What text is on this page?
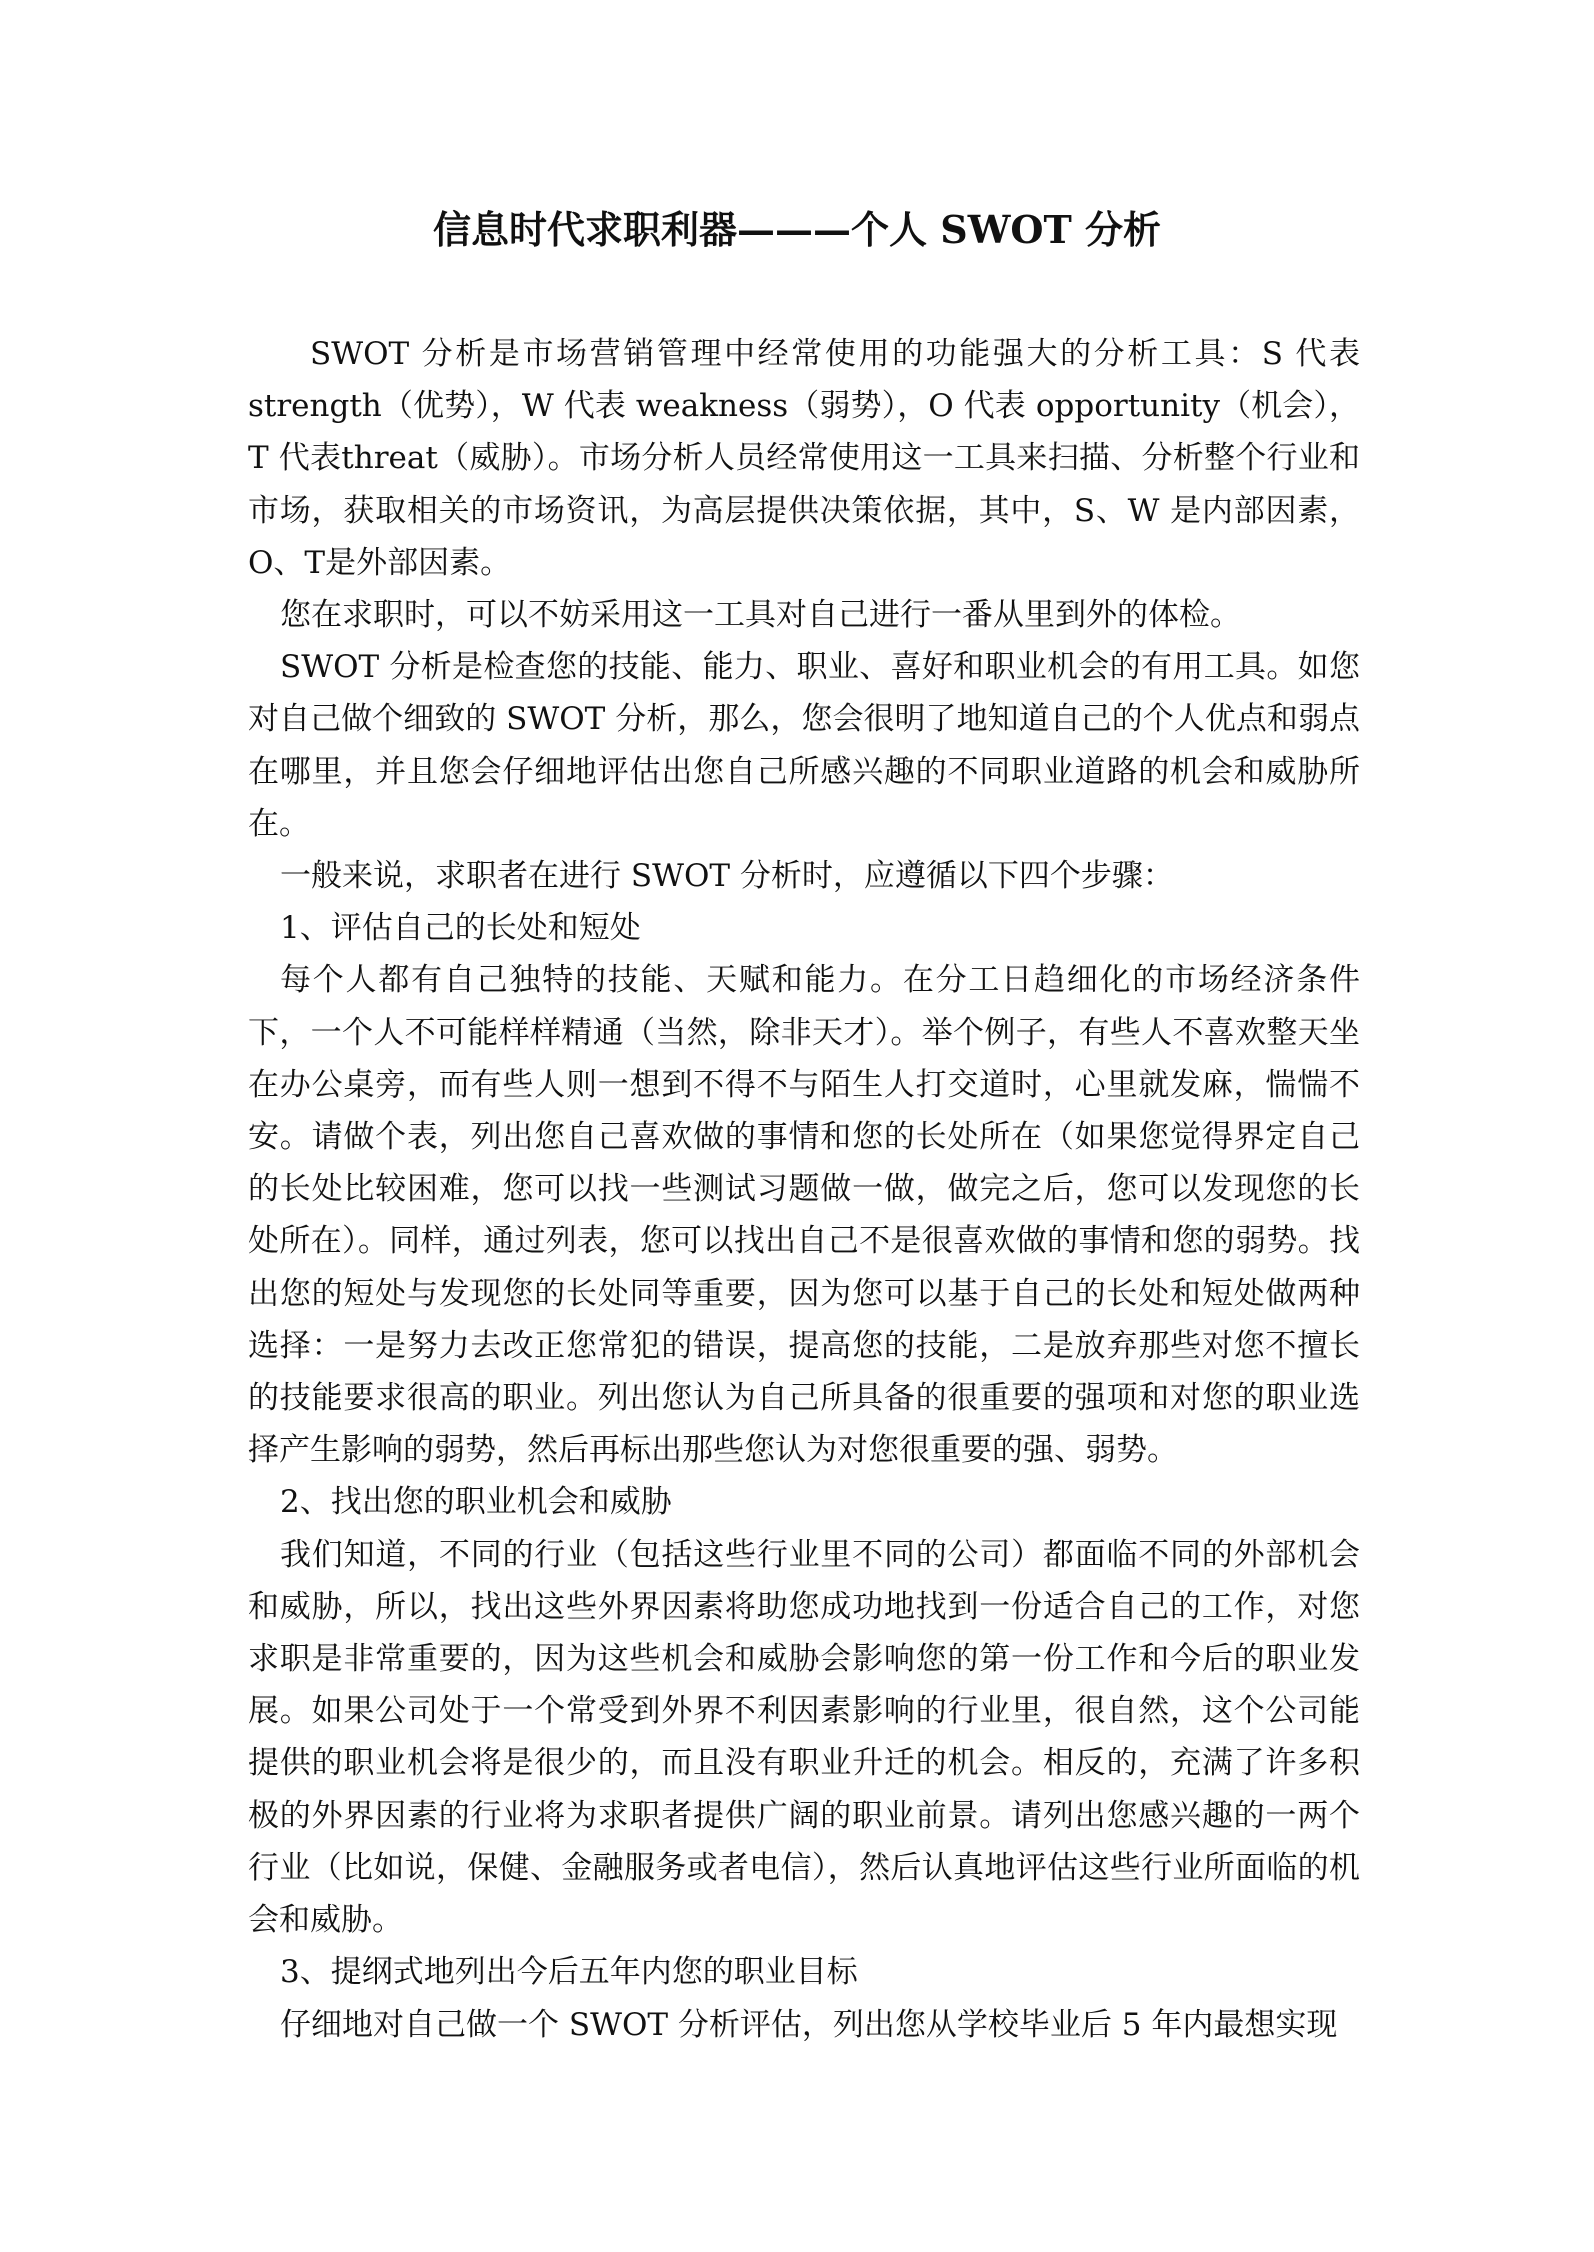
信息时代求职利器———个人 SWOT 分析

SWOT 分析是市场营销管理中经常使用的功能强大的分析工具：S 代表strength（优势），W 代表 weakness（弱势），O 代表 opportunity（机会），T 代表threat（威胁）。市场分析人员经常使用这一工具来扫描、分析整个行业和市场，获取相关的市场资讯，为高层提供决策依据，其中，S、W 是内部因素，O、T是外部因素。

您在求职时，可以不妨采用这一工具对自己进行一番从里到外的体检。

SWOT 分析是检查您的技能、能力、职业、喜好和职业机会的有用工具。如您对自己做个细致的 SWOT 分析，那么，您会很明了地知道自己的个人优点和弱点在哪里，并且您会仔细地评估出您自己所感兴趣的不同职业道路的机会和威胁所在。

一般来说，求职者在进行 SWOT 分析时，应遵循以下四个步骤：

1、评估自己的长处和短处

每个人都有自己独特的技能、天赋和能力。在分工日趋细化的市场经济条件下，一个人不可能样样精通（当然，除非天才）。举个例子，有些人不喜欢整天坐在办公桌旁，而有些人则一想到不得不与陌生人打交道时，心里就发麻，惴惴不安。请做个表，列出您自己喜欢做的事情和您的长处所在（如果您觉得界定自己的长处比较困难，您可以找一些测试习题做一做，做完之后，您可以发现您的长处所在）。同样，通过列表，您可以找出自己不是很喜欢做的事情和您的弱势。找出您的短处与发现您的长处同等重要，因为您可以基于自己的长处和短处做两种选择：一是努力去改正您常犯的错误，提高您的技能，二是放弃那些对您不擅长的技能要求很高的职业。列出您认为自己所具备的很重要的强项和对您的职业选择产生影响的弱势，然后再标出那些您认为对您很重要的强、弱势。

2、找出您的职业机会和威胁

我们知道，不同的行业（包括这些行业里不同的公司）都面临不同的外部机会和威胁，所以，找出这些外界因素将助您成功地找到一份适合自己的工作，对您求职是非常重要的，因为这些机会和威胁会影响您的第一份工作和今后的职业发展。如果公司处于一个常受到外界不利因素影响的行业里，很自然，这个公司能提供的职业机会将是很少的，而且没有职业升迁的机会。相反的，充满了许多积极的外界因素的行业将为求职者提供广阔的职业前景。请列出您感兴趣的一两个行业（比如说，保健、金融服务或者电信），然后认真地评估这些行业所面临的机会和威胁。

3、提纲式地列出今后五年内您的职业目标

仔细地对自己做一个 SWOT 分析评估，列出您从学校毕业后 5 年内最想实现
